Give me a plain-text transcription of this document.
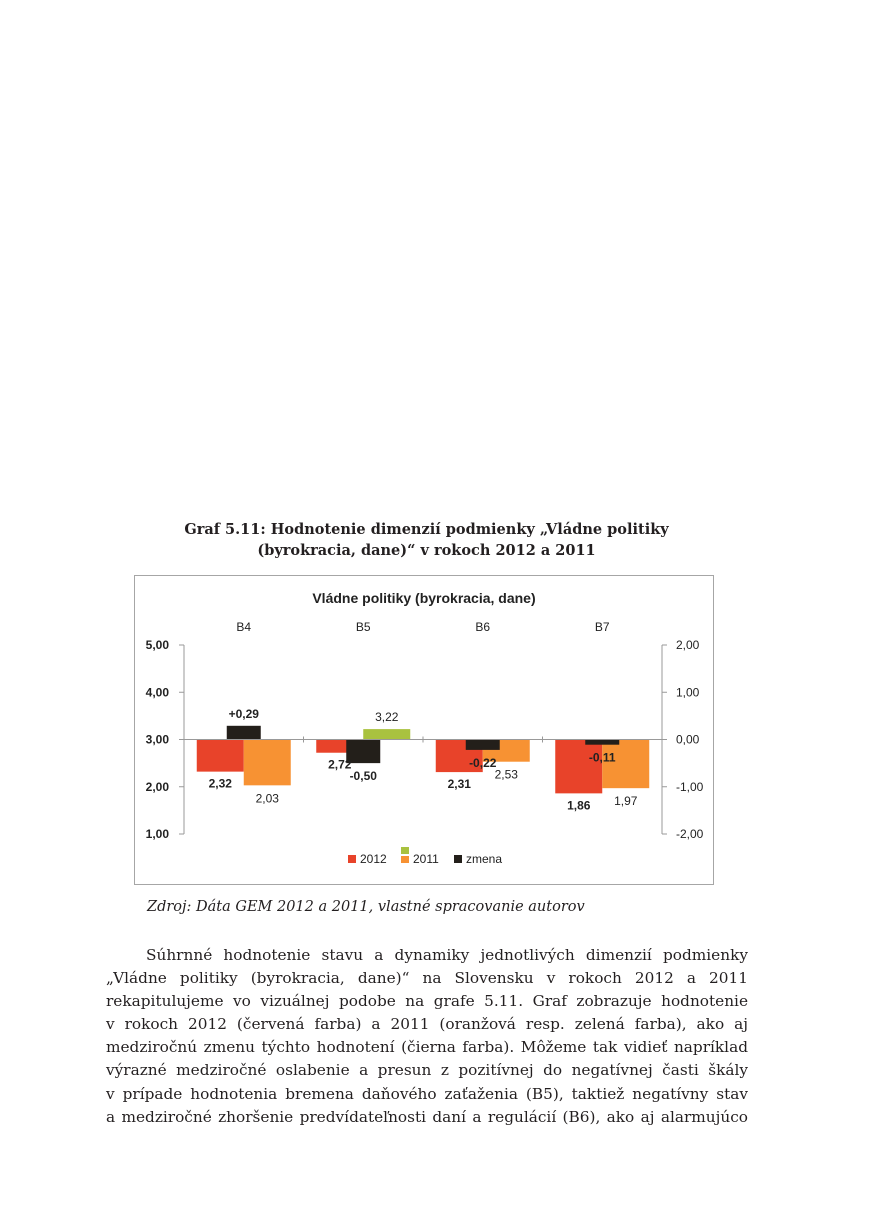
Graf 5.11: Hodnotenie dimenzií podmienky „Vládne politiky
(byrokracia, dane)“ v rokoch 2012 a 2011
Vládne politiky (byrokracia, dane)
1,00
2,00
3,00
4,00
5,00
-2,00
-1,00
0,00
1,00
2,00
B4
2,32
2,03
+0,29
B5
2,72
3,22
-0,50
B6
2,31
2,53
-0,22
B7
1,86 1,97
-0,11
2012 2011 zmena
Zdroj: Dáta GEM 2012 a 2011, vlastné spracovanie autorov
Súhrnné hodnotenie stavu a dynamiky jednotlivých dimenzií podmienky
„Vládne politiky (byrokracia, dane)“ na Slovensku v rokoch 2012 a 2011
rekapitulujeme vo vizuálnej podobe na grafe 5.11. Graf zobrazuje hodnotenie
v rokoch 2012 (červená farba) a 2011 (oranžová resp. zelená farba), ako aj
medziročnú zmenu týchto hodnotení (čierna farba). Môžeme tak vidieť napríklad
výrazné medziročné oslabenie a presun z pozitívnej do negatívnej časti škály
v prípade hodnotenia bremena daňového zaťaženia (B5), taktiež negatívny stav
a medziročné zhoršenie predvídateľnosti daní a regulácií (B6), ako aj alarmujúco
